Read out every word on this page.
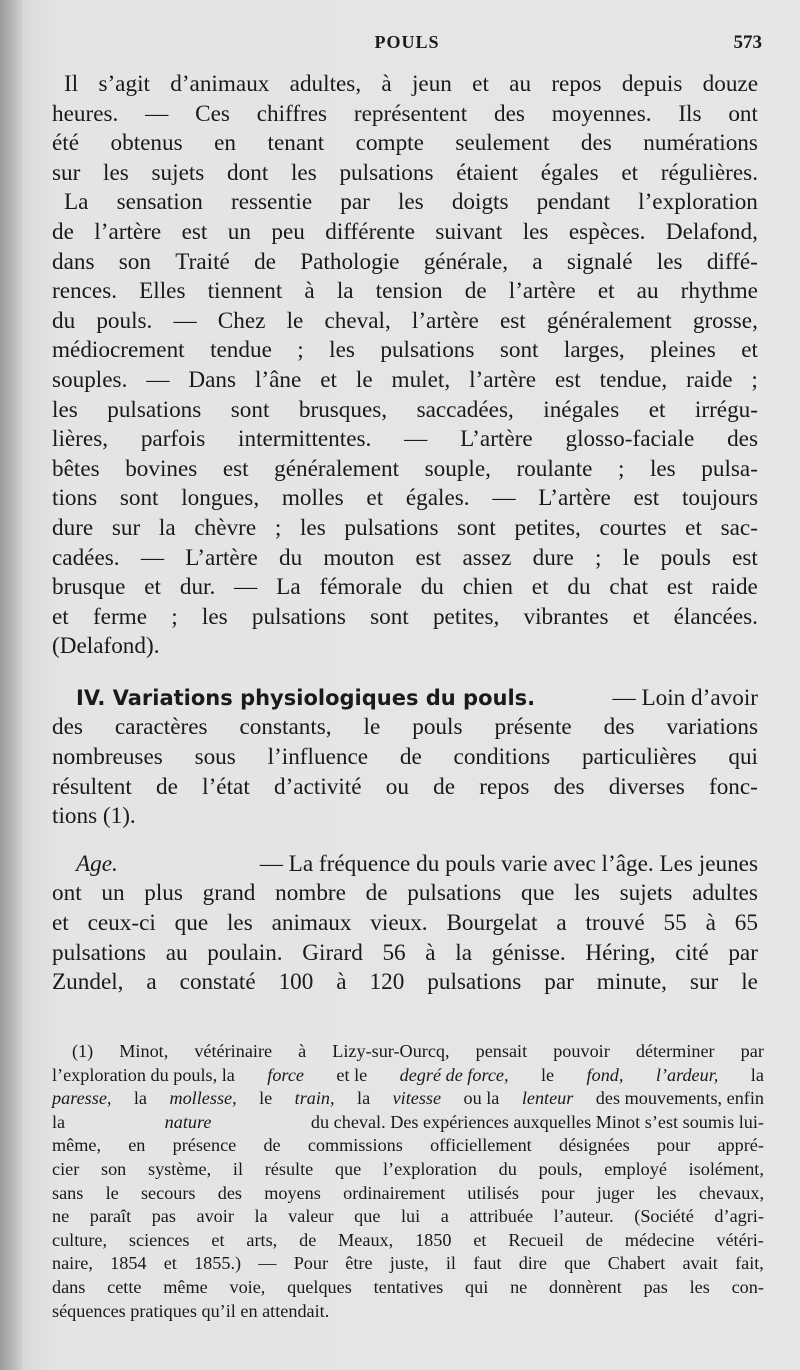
POULS	573
Il s’agit d’animaux adultes, à jeun et au repos depuis douze
heures. — Ces chiffres représentent des moyennes. Ils ont
été obtenus en tenant compte seulement des numérations
sur les sujets dont les pulsations étaient égales et régulières.
La sensation ressentie par les doigts pendant l’exploration
de l’artère est un peu différente suivant les espèces. Delafond,
dans son Traité de Pathologie générale, a signalé les diffé-
rences. Elles tiennent à la tension de l’artère et au rhythme
du pouls. — Chez le cheval, l’artère est généralement grosse,
médiocrement tendue ; les pulsations sont larges, pleines et
souples. — Dans l’âne et le mulet, l’artère est tendue, raide ;
les pulsations sont brusques, saccadées, inégales et irrégu-
lières, parfois intermittentes. — L’artère glosso-faciale des
bêtes bovines est généralement souple, roulante ; les pulsa-
tions sont longues, molles et égales. — L’artère est toujours
dure sur la chèvre ; les pulsations sont petites, courtes et sac-
cadées. — L’artère du mouton est assez dure ; le pouls est
brusque et dur. — La fémorale du chien et du chat est raide
et ferme ; les pulsations sont petites, vibrantes et élancées.
(Delafond).
IV. Variations physiologiques du pouls.	— Loin d’avoir
des caractères constants, le pouls présente des variations
nombreuses sous l’influence de conditions particulières qui
résultent de l’état d’activité ou de repos des diverses fonc-
tions (1).
Age.	— La fréquence du pouls varie avec l’âge. Les jeunes
ont un plus grand nombre de pulsations que les sujets adultes
et ceux-ci que les animaux vieux. Bourgelat a trouvé 55 à 65
pulsations au poulain. Girard 56 à la génisse. Héring, cité par
Zundel, a constaté 100 à 120 pulsations par minute, sur le
(1) Minot, vétérinaire à Lizy-sur-Ourcq, pensait pouvoir déterminer par
l’exploration du pouls, la force et le degré de force, le fond, l’ardeur, la
paresse, la mollesse, le train, la vitesse ou la lenteur des mouvements, enfin
la	nature	du cheval. Des expériences auxquelles Minot s’est soumis lui-
même, en présence de commissions officiellement désignées pour appré-
cier son système, il résulte que l’exploration du pouls, employé isolément,
sans le secours des moyens ordinairement utilisés pour juger les chevaux,
ne paraît pas avoir la valeur que lui a attribuée l’auteur. (Société d’agri-
culture, sciences et arts, de Meaux, 1850 et Recueil de médecine vétéri-
naire, 1854 et 1855.) — Pour être juste, il faut dire que Chabert avait fait,
dans cette même voie, quelques tentatives qui ne donnèrent pas les con-
séquences pratiques qu’il en attendait.
